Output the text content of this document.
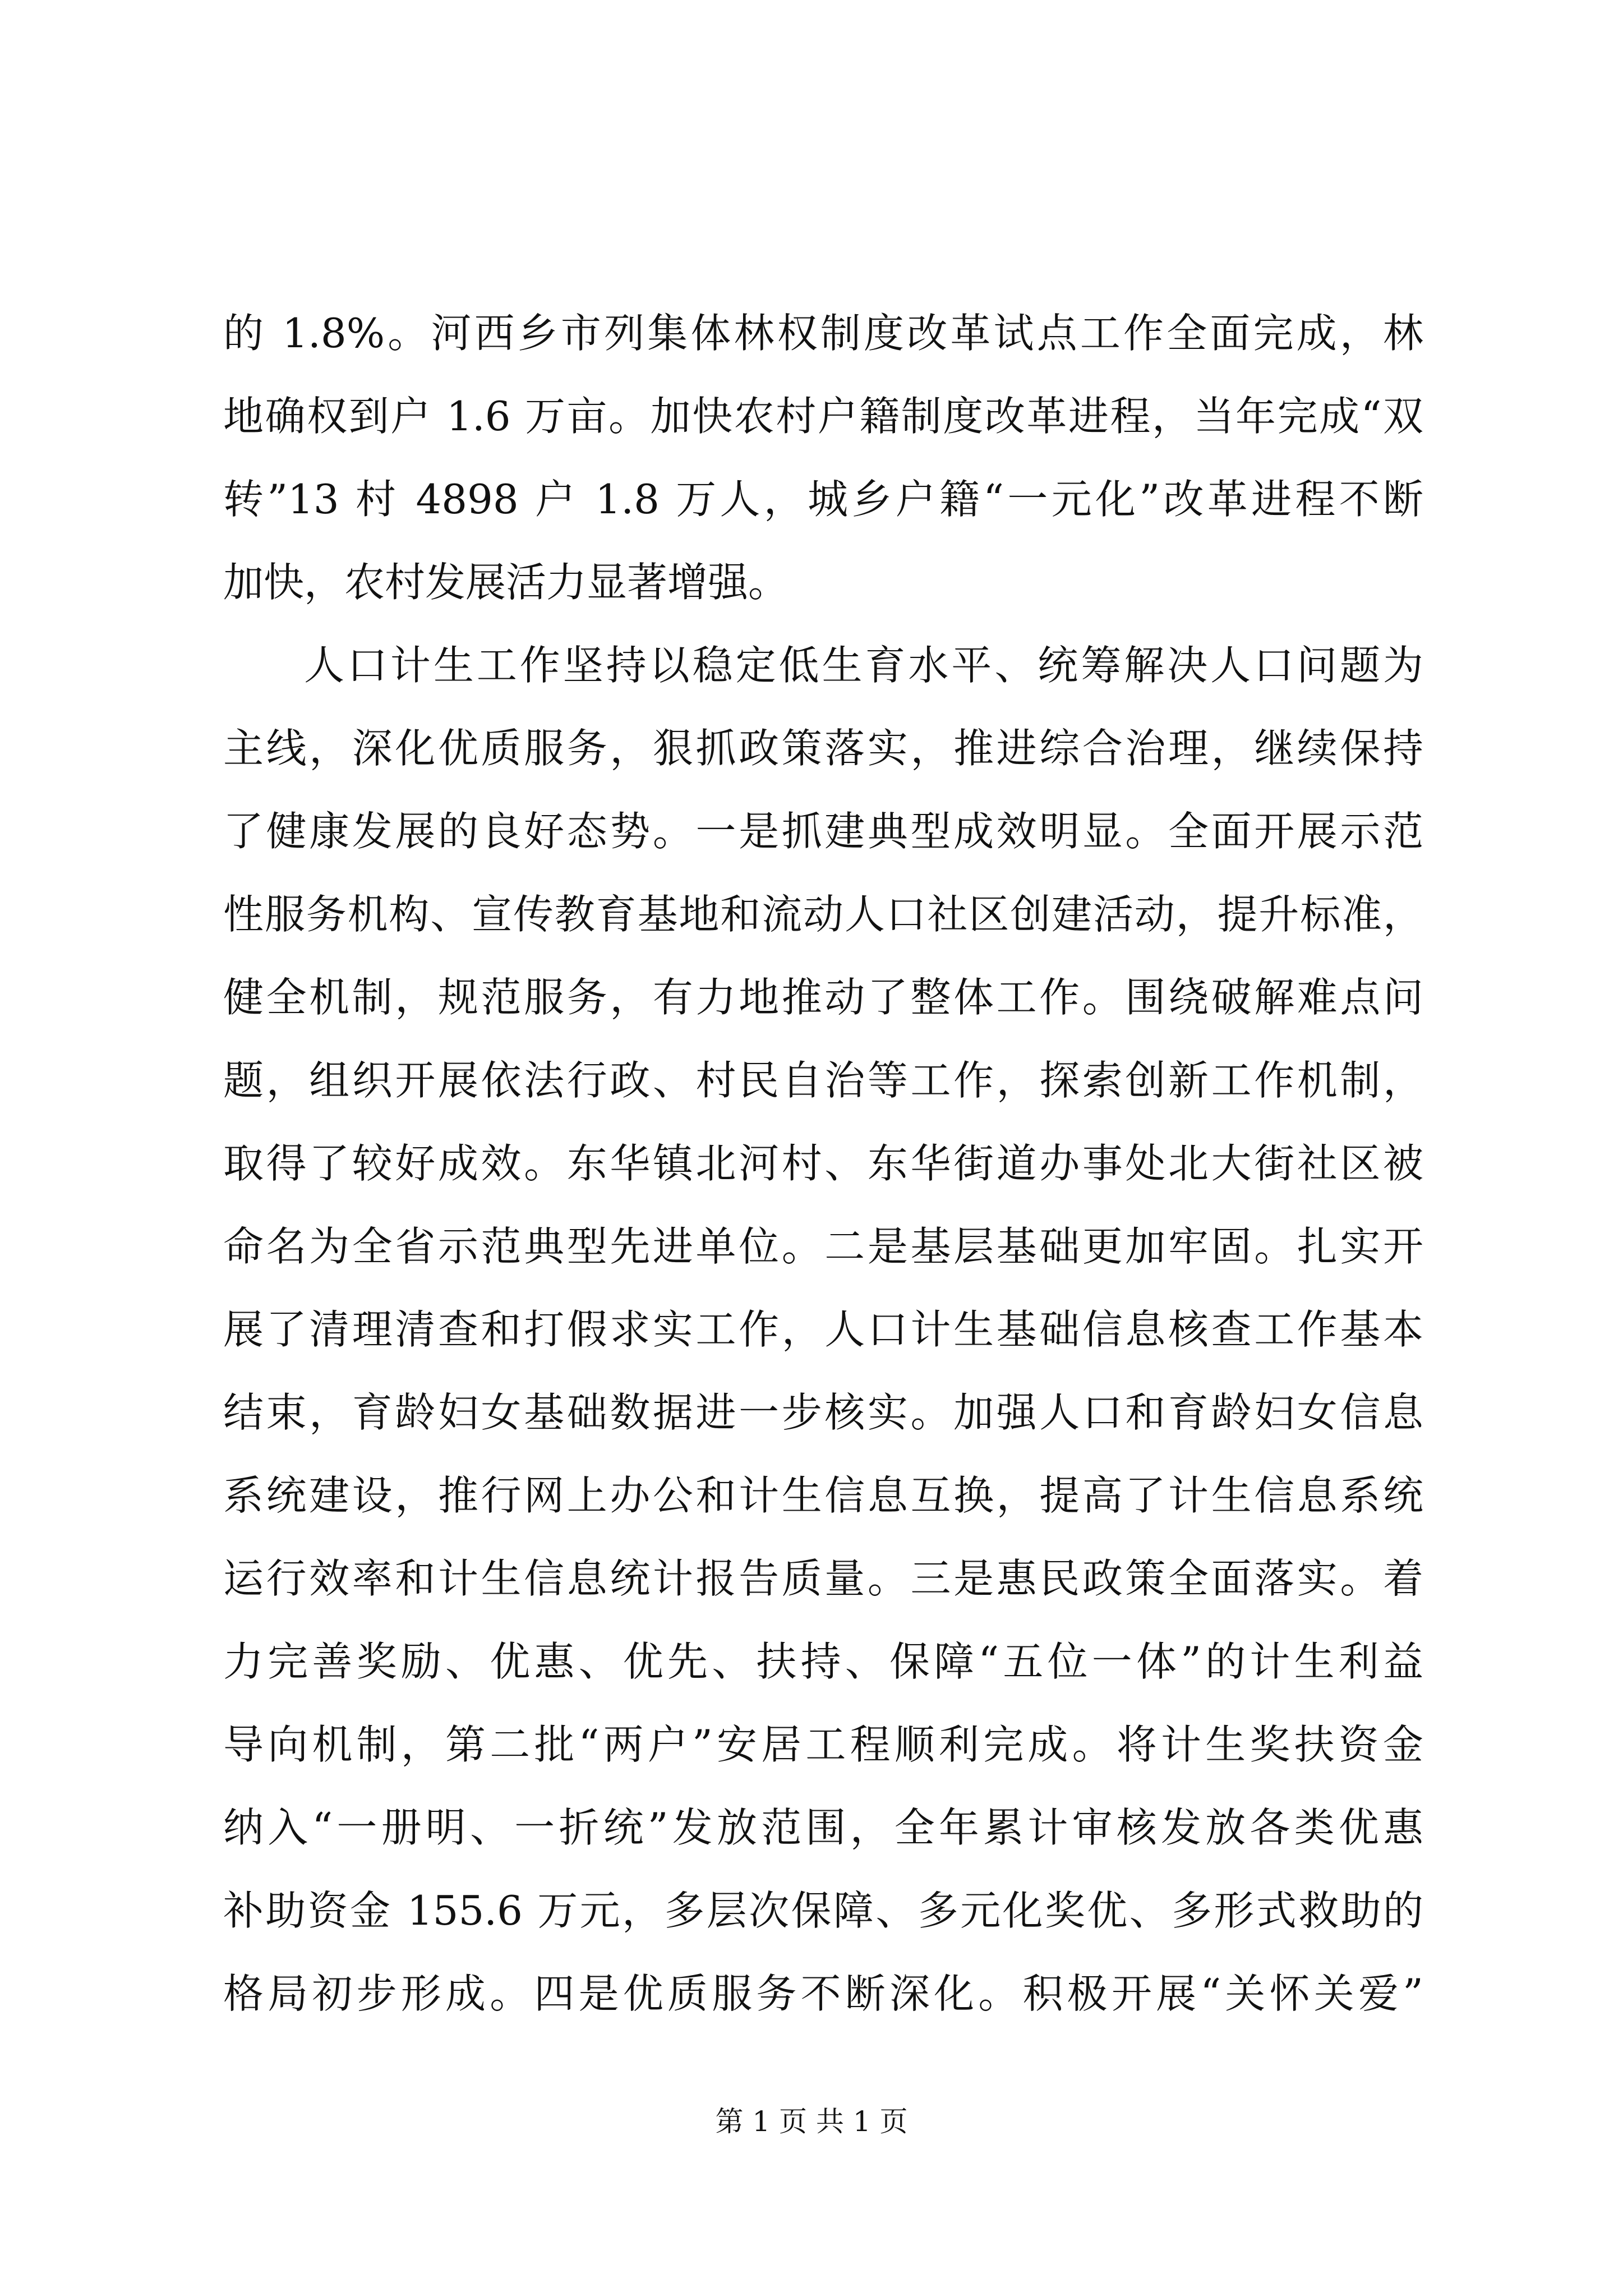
的 1.8%。河西乡市列集体林权制度改革试点工作全面完成，林

地确权到户 1.6 万亩。加快农村户籍制度改革进程，当年完成“双

转”13 村 4898 户 1.8 万人，城乡户籍“一元化”改革进程不断

加快，农村发展活力显著增强。

人口计生工作坚持以稳定低生育水平、统筹解决人口问题为

主线，深化优质服务，狠抓政策落实，推进综合治理，继续保持

了健康发展的良好态势。一是抓建典型成效明显。全面开展示范

性服务机构、宣传教育基地和流动人口社区创建活动，提升标准，

健全机制，规范服务，有力地推动了整体工作。围绕破解难点问

题，组织开展依法行政、村民自治等工作，探索创新工作机制，

取得了较好成效。东华镇北河村、东华街道办事处北大街社区被

命名为全省示范典型先进单位。二是基层基础更加牢固。扎实开

展了清理清查和打假求实工作，人口计生基础信息核查工作基本

结束，育龄妇女基础数据进一步核实。加强人口和育龄妇女信息

系统建设，推行网上办公和计生信息互换，提高了计生信息系统

运行效率和计生信息统计报告质量。三是惠民政策全面落实。着

力完善奖励、优惠、优先、扶持、保障“五位一体”的计生利益

导向机制，第二批“两户”安居工程顺利完成。将计生奖扶资金

纳入“一册明、一折统”发放范围，全年累计审核发放各类优惠

补助资金 155.6 万元，多层次保障、多元化奖优、多形式救助的

格局初步形成。四是优质服务不断深化。积极开展“关怀关爱”

第 1 页 共 1 页
